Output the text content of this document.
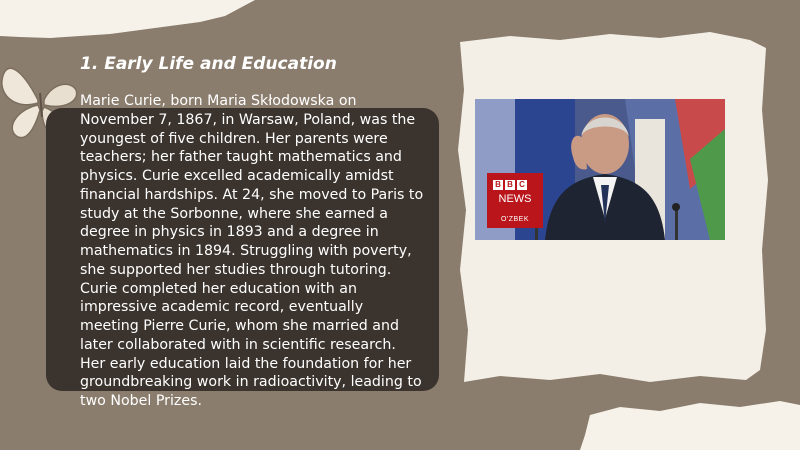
1. Early Life and Education
Marie Curie, born Maria Skłodowska on November 7, 1867, in Warsaw, Poland, was the youngest of five children. Her parents were teachers; her father taught mathematics and physics. Curie excelled academically amidst financial hardships. At 24, she moved to Paris to study at the Sorbonne, where she earned a degree in physics in 1893 and a degree in mathematics in 1894. Struggling with poverty, she supported her studies through tutoring. Curie completed her education with an impressive academic record, eventually meeting Pierre Curie, whom she married and later collaborated with in scientific research. Her early education laid the foundation for her groundbreaking work in radioactivity, leading to two Nobel Prizes.
B B C
NEWS
O'ZBEK
